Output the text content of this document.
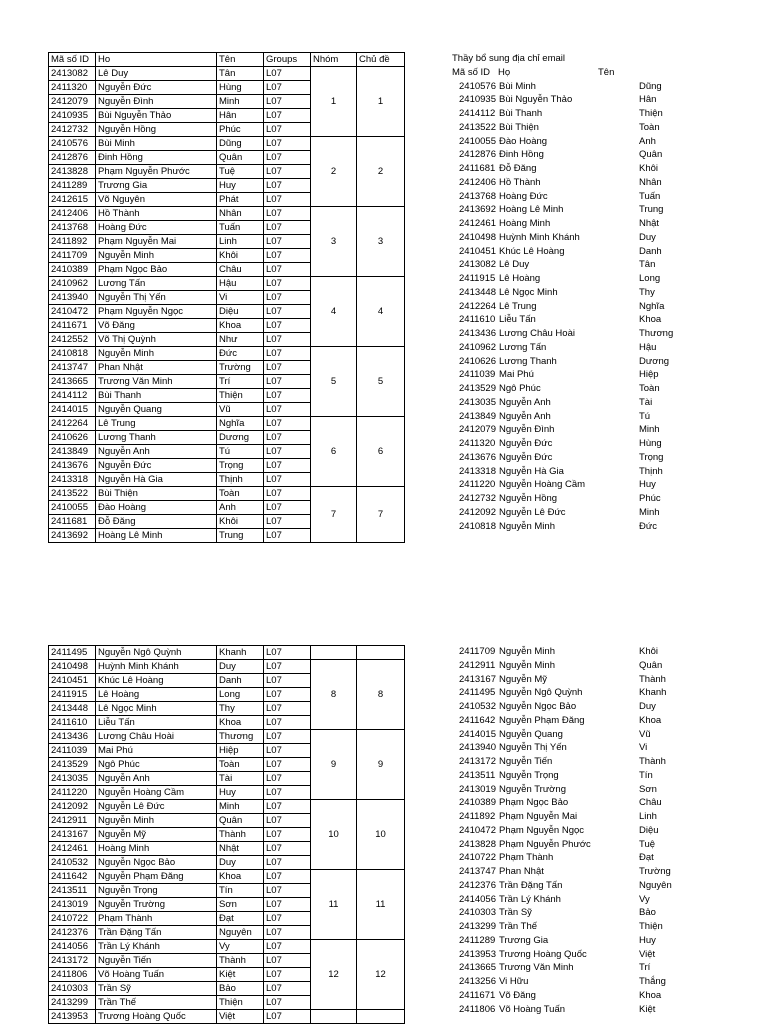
Mã số ID	Ho	Tên	Groups	Nhóm	Chủ đề
2413082	Lê Duy	Tân	L07	1	1
2411320	Nguyễn Đức	Hùng	L07		
2412079	Nguyễn Đình	Minh	L07		
2410935	Bùi Nguyễn Thảo	Hân	L07		
2412732	Nguyễn Hồng	Phúc	L07		
2410576	Bùi Minh	Dũng	L07	2	2
2412876	Đinh Hồng	Quân	L07		
2413828	Phạm Nguyễn Phước	Tuệ	L07		
2411289	Trương Gia	Huy	L07		
2412615	Võ Nguyên	Phát	L07		
2412406	Hồ Thành	Nhân	L07	3	3
2413768	Hoàng Đức	Tuấn	L07		
2411892	Phạm Nguyễn Mai	Linh	L07		
2411709	Nguyễn Minh	Khôi	L07		
2410389	Phạm Ngọc Bảo	Châu	L07		
2410962	Lương Tấn	Hậu	L07	4	4
2413940	Nguyễn Thị Yến	Vi	L07		
2410472	Phạm Nguyễn Ngọc	Diệu	L07		
2411671	Võ Đăng	Khoa	L07		
2412552	Võ Thị Quỳnh	Như	L07		
2410818	Nguyễn Minh	Đức	L07	5	5
2413747	Phan Nhật	Trường	L07		
2413665	Trương Văn Minh	Trí	L07		
2414112	Bùi Thanh	Thiện	L07		
2414015	Nguyễn Quang	Vũ	L07		
2412264	Lê Trung	Nghĩa	L07	6	6
2410626	Lương Thanh	Dương	L07		
2413849	Nguyễn Anh	Tú	L07		
2413676	Nguyễn Đức	Trọng	L07		
2413318	Nguyễn Hà Gia	Thịnh	L07		
2413522	Bùi Thiện	Toàn	L07	7	7
2410055	Đào Hoàng	Anh	L07		
2411681	Đỗ Đăng	Khôi	L07		
2413692	Hoàng Lê Minh	Trung	L07		
2411495	Nguyễn Ngô Quỳnh	Khanh	L07		
2410498	Huỳnh Minh Khánh	Duy	L07	8	8
2410451	Khúc Lê Hoàng	Danh	L07		
2411915	Lê Hoàng	Long	L07		
2413448	Lê Ngọc Minh	Thy	L07		
2411610	Liễu Tấn	Khoa	L07		
2413436	Lương Châu Hoài	Thương	L07	9	9
2411039	Mai Phú	Hiệp	L07		
2413529	Ngô Phúc	Toàn	L07		
2413035	Nguyễn Anh	Tài	L07		
2411220	Nguyễn Hoàng Cầm	Huy	L07		
2412092	Nguyễn Lê Đức	Minh	L07	10	10
2412911	Nguyễn Minh	Quân	L07		
2413167	Nguyễn Mỹ	Thành	L07		
2412461	Hoàng Minh	Nhật	L07		
2410532	Nguyễn Ngọc Bảo	Duy	L07		
2411642	Nguyễn Phạm Đăng	Khoa	L07	11	11
2413511	Nguyễn Trọng	Tín	L07		
2413019	Nguyễn Trường	Sơn	L07		
2410722	Phạm Thành	Đạt	L07		
2412376	Trần Đặng Tấn	Nguyên	L07		
2414056	Trần Lý Khánh	Vy	L07	12	12
2413172	Nguyễn Tiến	Thành	L07		
2411806	Võ Hoàng Tuấn	Kiệt	L07		
2410303	Trần Sỹ	Bảo	L07		
2413299	Trần Thế	Thiện	L07		
2413953	Trương Hoàng Quốc	Việt	L07		
Thầy bổ sung địa chỉ email
Mã số ID Họ	Tên
2410576 Bùi Minh	Dũng
2410935 Bùi Nguyễn Thảo	Hân
2414112 Bùi Thanh	Thiện
2413522 Bùi Thiện	Toàn
2410055 Đào Hoàng	Anh
2412876 Đinh Hồng	Quân
2411681 Đỗ Đăng	Khôi
2412406 Hồ Thành	Nhân
2413768 Hoàng Đức	Tuấn
2413692 Hoàng Lê Minh	Trung
2412461 Hoàng Minh	Nhật
2410498 Huỳnh Minh Khánh	Duy
2410451 Khúc Lê Hoàng	Danh
2413082 Lê Duy	Tân
2411915 Lê Hoàng	Long
2413448 Lê Ngọc Minh	Thy
2412264 Lê Trung	Nghĩa
2411610 Liễu Tấn	Khoa
2413436 Lương Châu Hoài	Thương
2410962 Lương Tấn	Hậu
2410626 Lương Thanh	Dương
2411039 Mai Phú	Hiệp
2413529 Ngô Phúc	Toàn
2413035 Nguyễn Anh	Tài
2413849 Nguyễn Anh	Tú
2412079 Nguyễn Đình	Minh
2411320 Nguyễn Đức	Hùng
2413676 Nguyễn Đức	Trọng
2413318 Nguyễn Hà Gia	Thịnh
2411220 Nguyễn Hoàng Cầm	Huy
2412732 Nguyễn Hồng	Phúc
2412092 Nguyễn Lê Đức	Minh
2410818 Nguyễn Minh	Đức
2411709 Nguyễn Minh	Khôi
2412911 Nguyễn Minh	Quân
2413167 Nguyễn Mỹ	Thành
2411495 Nguyễn Ngô Quỳnh	Khanh
2410532 Nguyễn Ngọc Bảo	Duy
2411642 Nguyễn Phạm Đăng	Khoa
2414015 Nguyễn Quang	Vũ
2413940 Nguyễn Thị Yến	Vi
2413172 Nguyễn Tiến	Thành
2413511 Nguyễn Trọng	Tín
2413019 Nguyễn Trường	Sơn
2410389 Phạm Ngọc Bảo	Châu
2411892 Phạm Nguyễn Mai	Linh
2410472 Phạm Nguyễn Ngọc	Diệu
2413828 Phạm Nguyễn Phước	Tuệ
2410722 Phạm Thành	Đạt
2413747 Phan Nhật	Trường
2412376 Trần Đặng Tấn	Nguyên
2414056 Trần Lý Khánh	Vy
2410303 Trần Sỹ	Bảo
2413299 Trần Thế	Thiện
2411289 Trương Gia	Huy
2413953 Trương Hoàng Quốc	Việt
2413665 Trương Văn Minh	Trí
2413256 Vi Hữu	Thắng
2411671 Võ Đăng	Khoa
2411806 Võ Hoàng Tuấn	Kiệt
